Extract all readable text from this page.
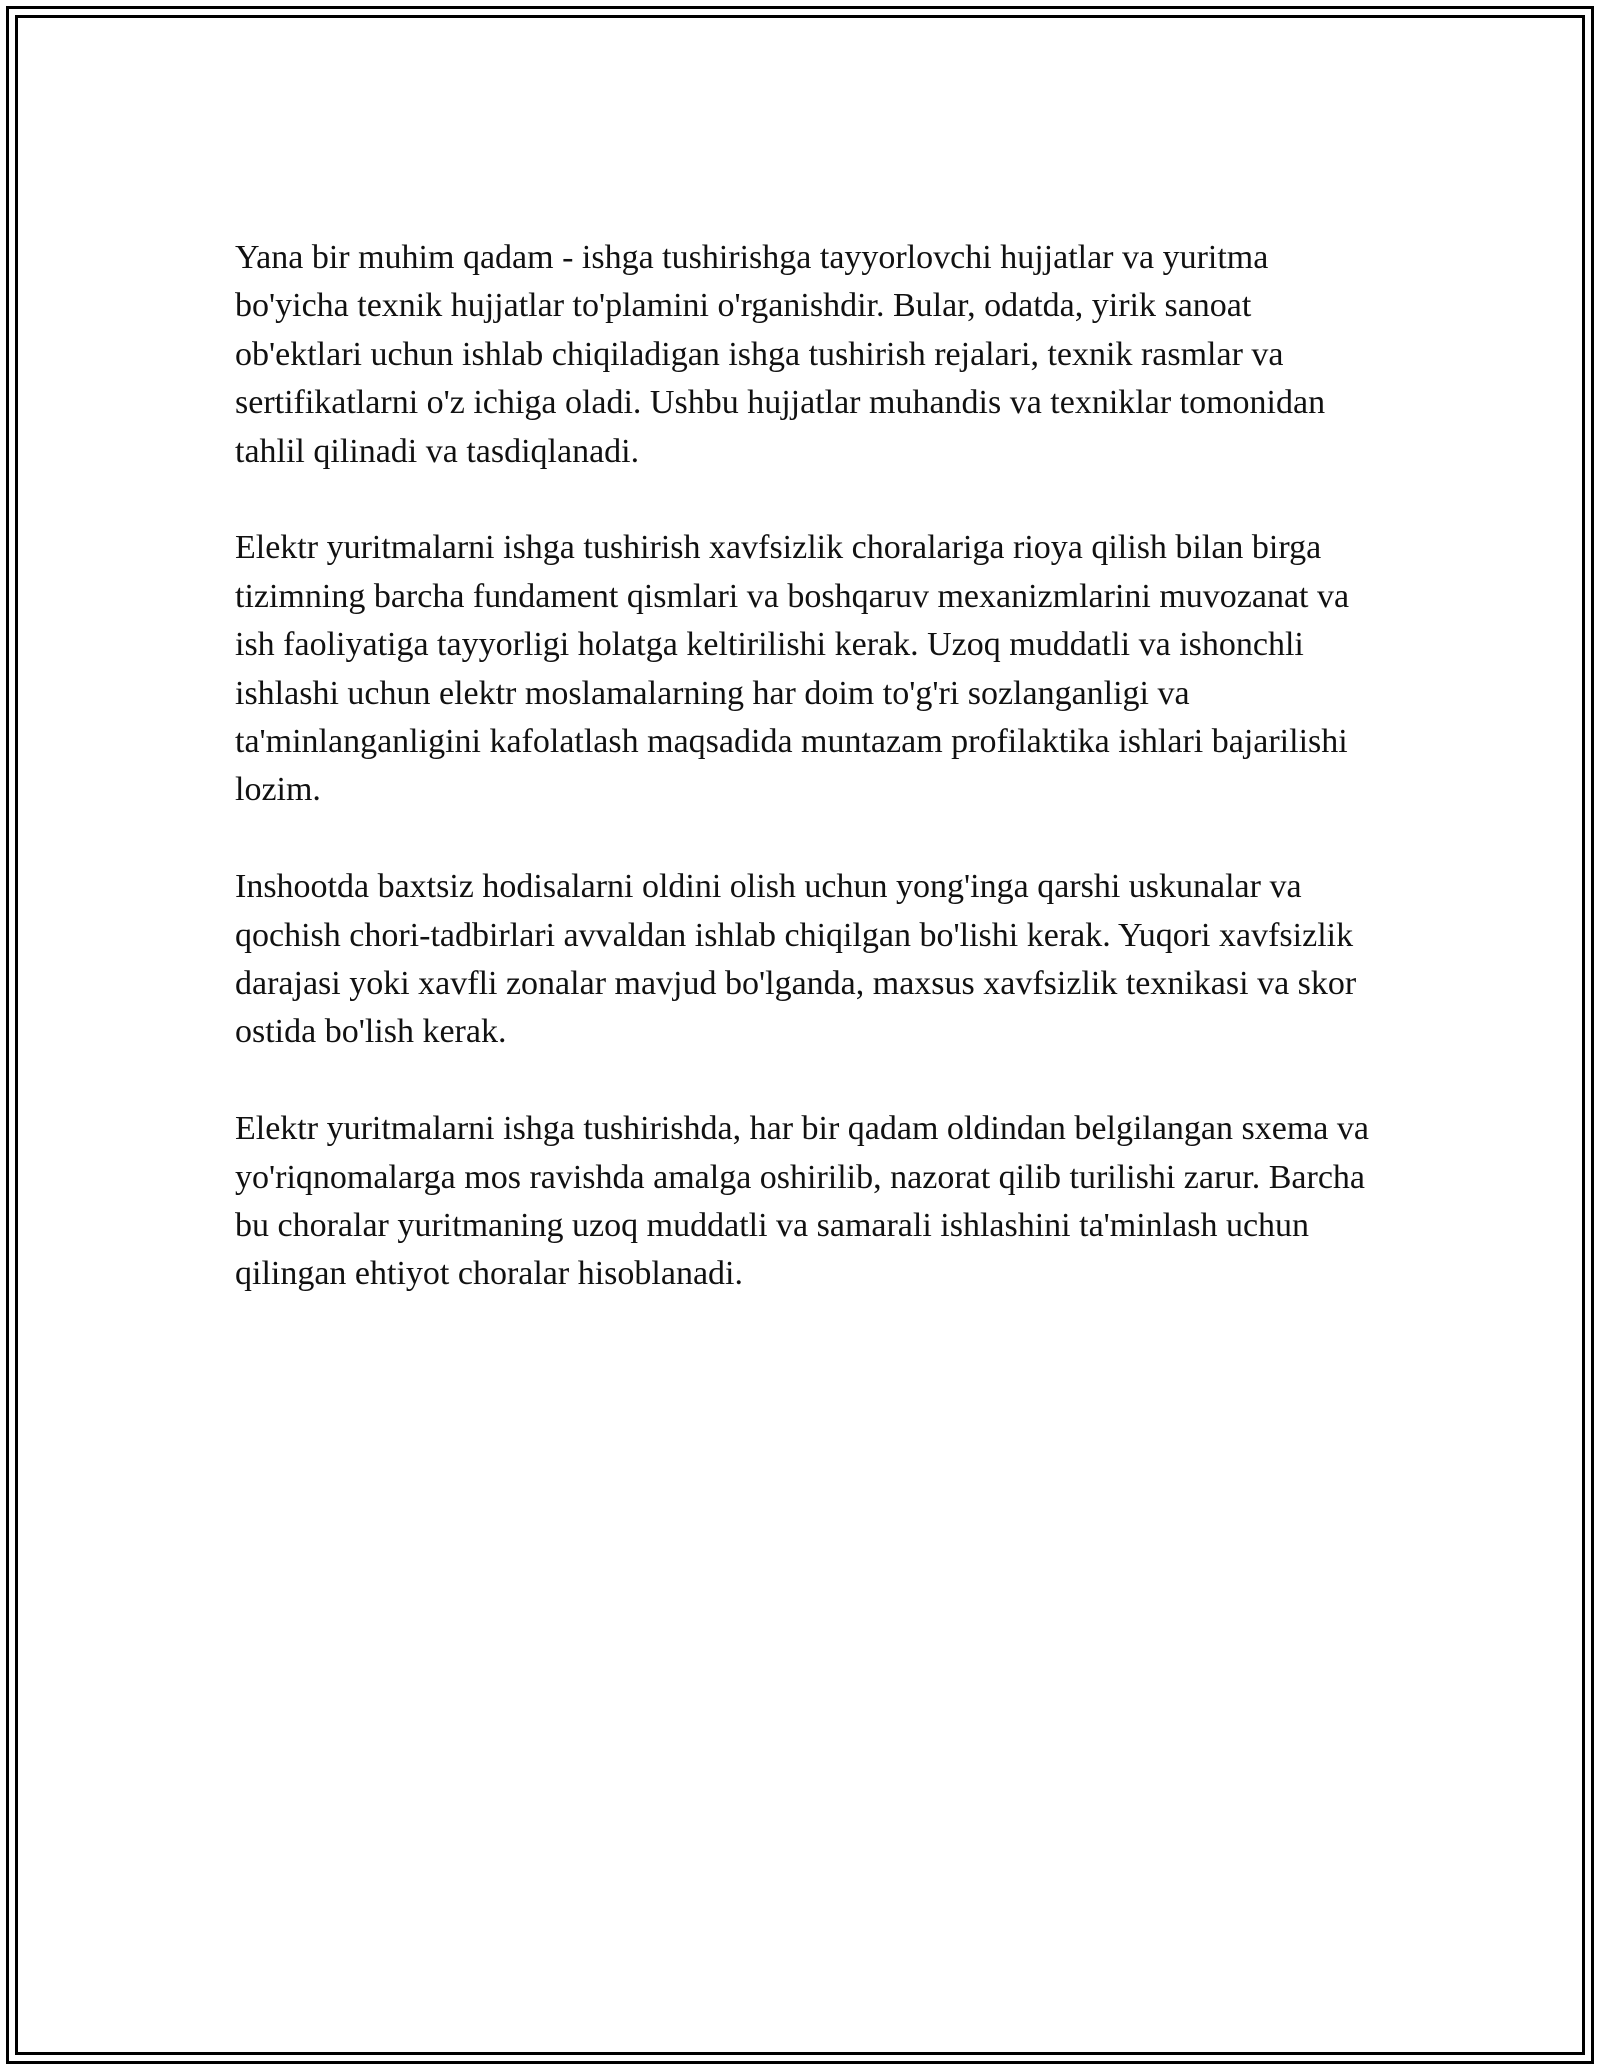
Yana bir muhim qadam - ishga tushirishga tayyorlovchi hujjatlar va yuritma bo'yicha texnik hujjatlar to'plamini o'rganishdir. Bular, odatda, yirik sanoat ob'ektlari uchun ishlab chiqiladigan ishga tushirish rejalari, texnik rasmlar va sertifikatlarni o'z ichiga oladi. Ushbu hujjatlar muhandis va texniklar tomonidan tahlil qilinadi va tasdiqlanadi.

Elektr yuritmalarni ishga tushirish xavfsizlik choralariga rioya qilish bilan birga tizimning barcha fundament qismlari va boshqaruv mexanizmlarini muvozanat va ish faoliyatiga tayyorligi holatga keltirilishi kerak. Uzoq muddatli va ishonchli ishlashi uchun elektr moslamalarning har doim to'g'ri sozlanganligi va ta'minlanganligini kafolatlash maqsadida muntazam profilaktika ishlari bajarilishi lozim.

Inshootda baxtsiz hodisalarni oldini olish uchun yong'inga qarshi uskunalar va qochish chori-tadbirlari avvaldan ishlab chiqilgan bo'lishi kerak. Yuqori xavfsizlik darajasi yoki xavfli zonalar mavjud bo'lganda, maxsus xavfsizlik texnikasi va skor ostida bo'lish kerak.

Elektr yuritmalarni ishga tushirishda, har bir qadam oldindan belgilangan sxema va yo'riqnomalarga mos ravishda amalga oshirilib, nazorat qilib turilishi zarur. Barcha bu choralar yuritmaning uzoq muddatli va samarali ishlashini ta'minlash uchun qilingan ehtiyot choralar hisoblanadi.
